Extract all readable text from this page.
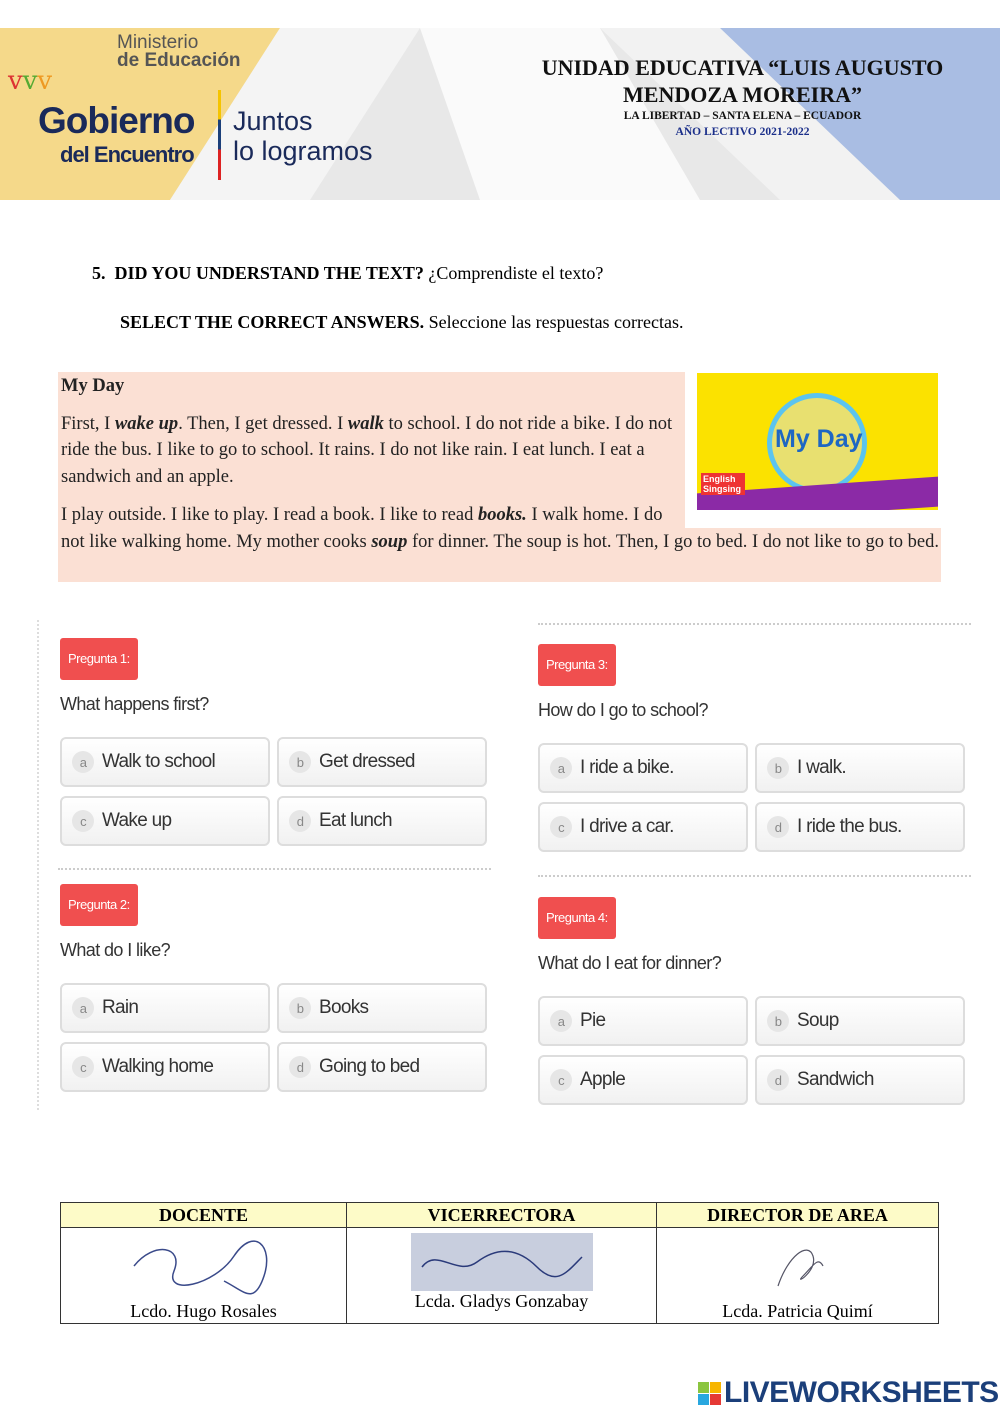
Ministerio
de Educación
vvv
Gobierno
del Encuentro
Juntos
lo logramos
UNIDAD EDUCATIVA “LUIS AUGUSTO
MENDOZA MOREIRA”
LA LIBERTAD – SANTA ELENA – ECUADOR
AÑO LECTIVO 2021-2022
5. DID YOU UNDERSTAND THE TEXT? ¿Comprendiste el texto?
SELECT THE CORRECT ANSWERS. Seleccione las respuestas correctas.
My Day
English Singsing
My Day
First, I wake up. Then, I get dressed. I walk to school. I do not ride a bike. I do not ride the bus. I like to go to school. It rains. I do not like rain. I eat lunch. I eat a sandwich and an apple.
I play outside. I like to play. I read a book. I like to read books. I walk home. I do not like walking home. My mother cooks soup for dinner. The soup is hot. Then, I go to bed. I do not like to go to bed.
Pregunta 1:
What happens first?
a Walk to school	b Get dressed
c Wake up	d Eat lunch
Pregunta 2:
What do I like?
a Rain	b Books
c Walking home	d Going to bed
Pregunta 3:
How do I go to school?
a I ride a bike.	b I walk.
c I drive a car.	d I ride the bus.
Pregunta 4:
What do I eat for dinner?
a Pie	b Soup
c Apple	d Sandwich
DOCENTE	VICERRECTORA	DIRECTOR DE AREA

Lcdo. Hugo Rosales	Lcda. Gladys Gonzabay	Lcda. Patricia Quimí
LIVEWORKSHEETS
